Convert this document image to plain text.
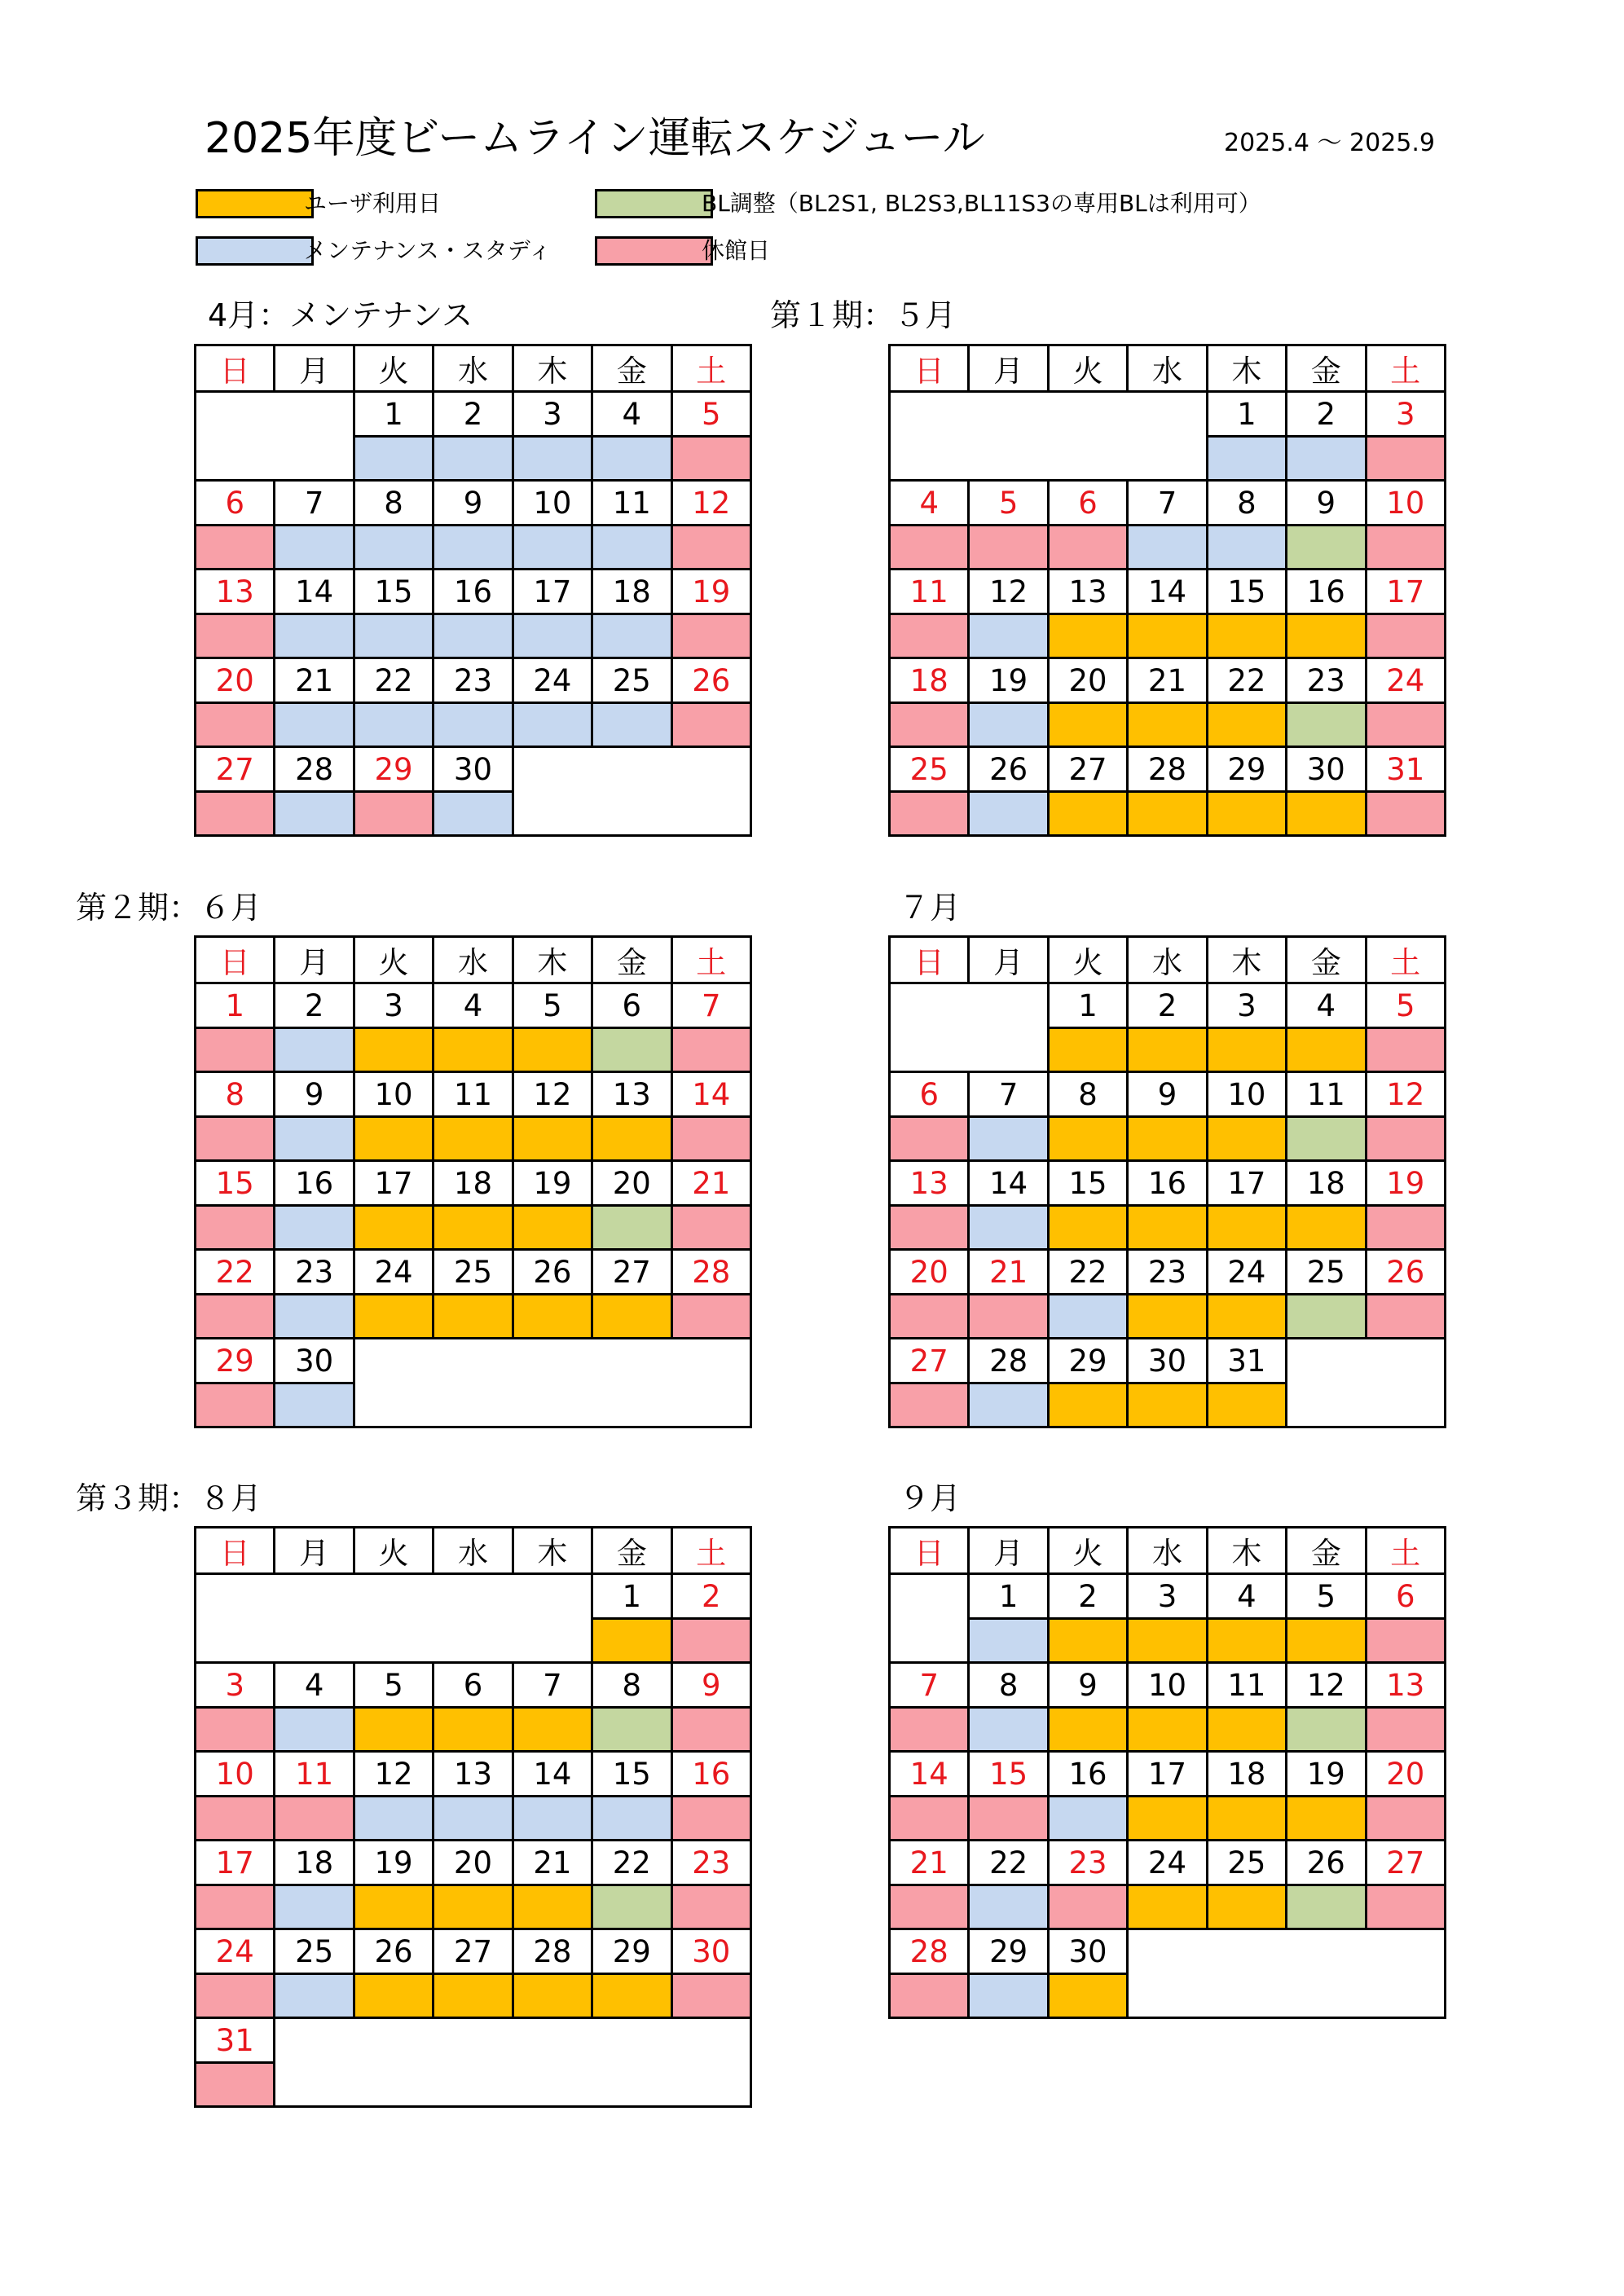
2025年度ビームライン運転スケジュール	2025.4 ～ 2025.9
ユーザ利用日	BL調整（BL2S1, BL2S3,BL11S3の専用BLは利用可）
メンテナンス・スタディ	休館日
4月：メンテナンス	第１期：５月
第２期：６月	７月
第３期：８月	９月
日	月	火	水	木	金	土
		1	2	3	4	5

6	7	8	9	10	11	12

13	14	15	16	17	18	19

20	21	22	23	24	25	26

27	28	29	30			

日	月	火	水	木	金	土
				1	2	3

4	5	6	7	8	9	10

11	12	13	14	15	16	17

18	19	20	21	22	23	24

25	26	27	28	29	30	31

日	月	火	水	木	金	土
1	2	3	4	5	6	7

8	9	10	11	12	13	14

15	16	17	18	19	20	21

22	23	24	25	26	27	28

29	30					

日	月	火	水	木	金	土
		1	2	3	4	5

6	7	8	9	10	11	12

13	14	15	16	17	18	19

20	21	22	23	24	25	26

27	28	29	30	31		

日	月	火	水	木	金	土
					1	2

3	4	5	6	7	8	9

10	11	12	13	14	15	16

17	18	19	20	21	22	23

24	25	26	27	28	29	30

31						

日	月	火	水	木	金	土
	1	2	3	4	5	6

7	8	9	10	11	12	13

14	15	16	17	18	19	20

21	22	23	24	25	26	27

28	29	30				
